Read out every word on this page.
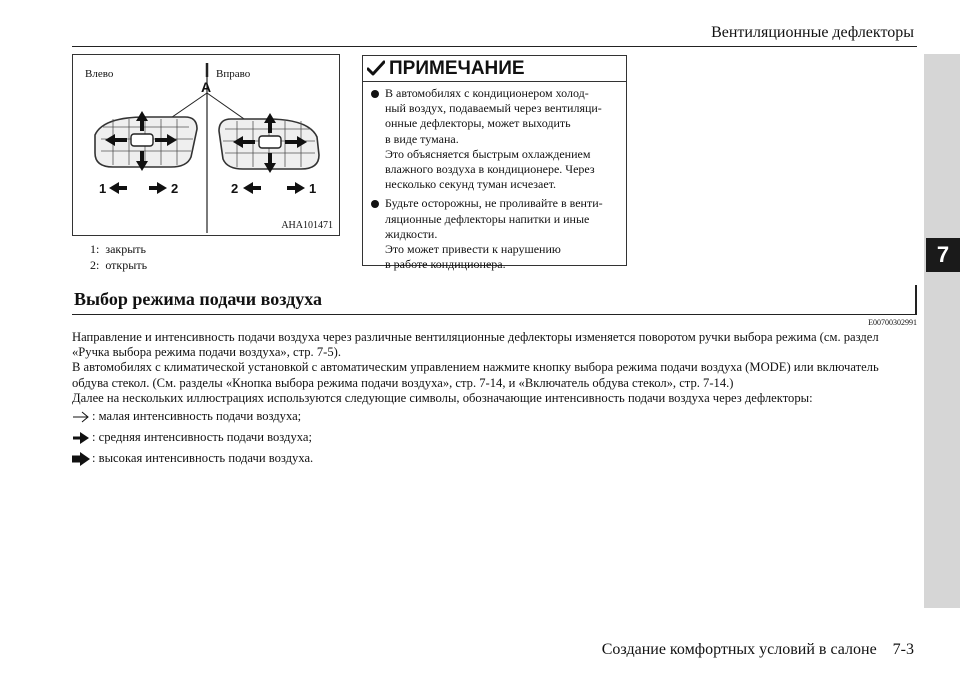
Вентиляционные дефлекторы
7
Влево	Вправо
A
1	2	2	1
AHA101471
1: закрыть
2: открыть
ПРИМЕЧАНИЕ
В автомобилях с кондиционером холод-
ный воздух, подаваемый через вентиляци-
онные дефлекторы, может выходить
в виде тумана.
Это объясняется быстрым охлаждением
влажного воздуха в кондиционере. Через
несколько секунд туман исчезает.
Будьте осторожны, не проливайте в венти-
ляционные дефлекторы напитки и иные
жидкости.
Это может привести к нарушению
в работе кондиционера.
Выбор режима подачи воздуха
E00700302991

Направление и интенсивность подачи воздуха через различные вентиляционные дефлекторы изменяется поворотом ручки выбора режима (см. раздел

«Ручка выбора режима подачи воздуха», стр. 7-5).

В автомобилях с климатической установкой с автоматическим управлением нажмите кнопку выбора режима подачи воздуха (MODE) или включатель

обдува стекол. (См. разделы «Кнопка выбора режима подачи воздуха», стр. 7-14, и «Включатель обдува стекол», стр. 7-14.)

Далее на нескольких иллюстрациях используются следующие символы, обозначающие интенсивность подачи воздуха через дефлекторы:

: малая интенсивность подачи воздуха;
: средняя интенсивность подачи воздуха;
: высокая интенсивность подачи воздуха.
Создание комфортных условий в салоне    7-3
